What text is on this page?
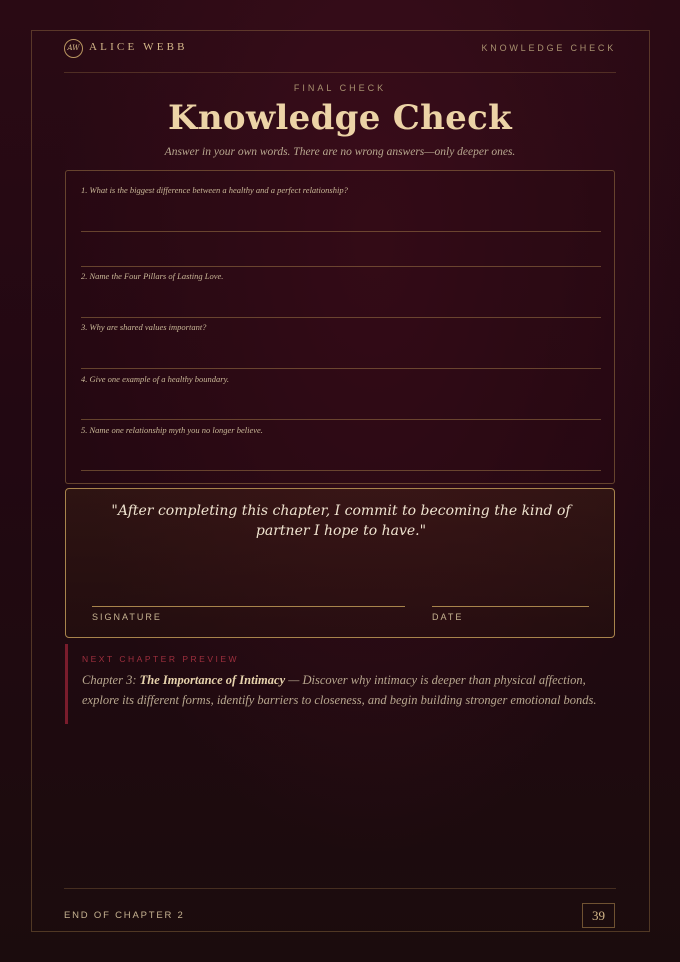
AW ALICE WEBB	KNOWLEDGE CHECK
FINAL CHECK
Knowledge Check
Answer in your own words. There are no wrong answers—only deeper ones.
1. What is the biggest difference between a healthy and a perfect relationship?
2. Name the Four Pillars of Lasting Love.
3. Why are shared values important?
4. Give one example of a healthy boundary.
5. Name one relationship myth you no longer believe.
"After completing this chapter, I commit to becoming the kind of partner I hope to have."
SIGNATURE	DATE
NEXT CHAPTER PREVIEW
Chapter 3: The Importance of Intimacy — Discover why intimacy is deeper than physical affection, explore its different forms, identify barriers to closeness, and begin building stronger emotional bonds.
END OF CHAPTER 2	39
